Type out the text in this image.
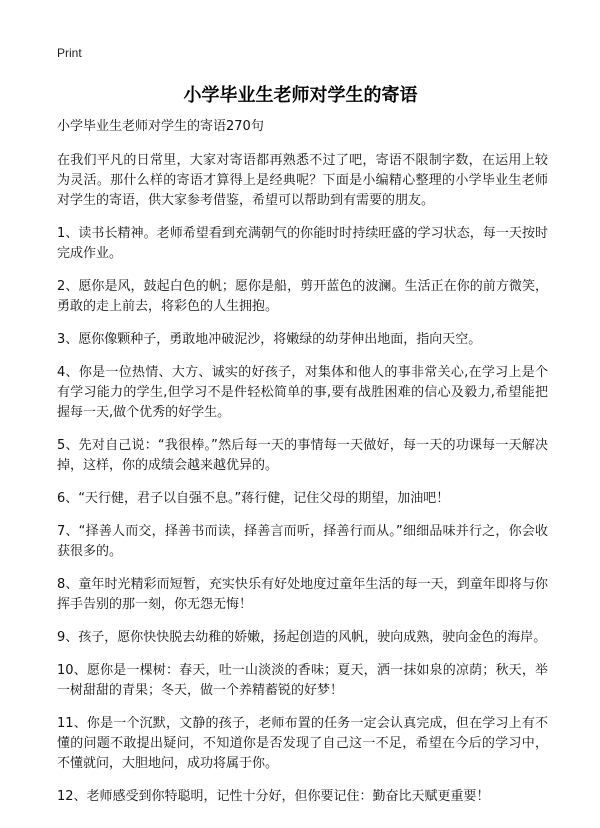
Print
小学毕业生老师对学生的寄语

小学毕业生老师对学生的寄语270句

在我们平凡的日常里，大家对寄语都再熟悉不过了吧，寄语不限制字数，在运用上较为灵活。那什么样的寄语才算得上是经典呢？下面是小编精心整理的小学毕业生老师对学生的寄语，供大家参考借鉴，希望可以帮助到有需要的朋友。

1、读书长精神。老师希望看到充满朝气的你能时时持续旺盛的学习状态，每一天按时完成作业。

2、愿你是风，鼓起白色的帆；愿你是船，剪开蓝色的波澜。生活正在你的前方微笑，勇敢的走上前去，将彩色的人生拥抱。

3、愿你像颗种子，勇敢地冲破泥沙，将嫩绿的幼芽伸出地面，指向天空。

4、你是一位热情、大方、诚实的好孩子，对集体和他人的事非常关心,在学习上是个有学习能力的学生,但学习不是件轻松简单的事,要有战胜困难的信心及毅力,希望能把握每一天,做个优秀的好学生。

5、先对自己说：“我很棒。”然后每一天的事情每一天做好，每一天的功课每一天解决掉，这样，你的成绩会越来越优异的。

6、“天行健，君子以自强不息。”蒋行健，记住父母的期望，加油吧！

7、“择善人而交，择善书而读，择善言而听，择善行而从。”细细品味并行之，你会收获很多的。

8、童年时光精彩而短暂，充实快乐有好处地度过童年生活的每一天，到童年即将与你挥手告别的那一刻，你无怨无悔！

9、孩子，愿你快快脱去幼稚的娇嫩，扬起创造的风帆，驶向成熟，驶向金色的海岸。

10、愿你是一棵树：春天，吐一山淡淡的香味；夏天，洒一抹如泉的凉荫；秋天，举一树甜甜的青果；冬天，做一个养精蓄锐的好梦！

11、你是一个沉默，文静的孩子，老师布置的任务一定会认真完成，但在学习上有不懂的问题不敢提出疑问，不知道你是否发现了自己这一不足，希望在今后的学习中，不懂就问，大胆地问，成功将属于你。

12、老师感受到你特聪明，记性十分好，但你要记住：勤奋比天赋更重要！
